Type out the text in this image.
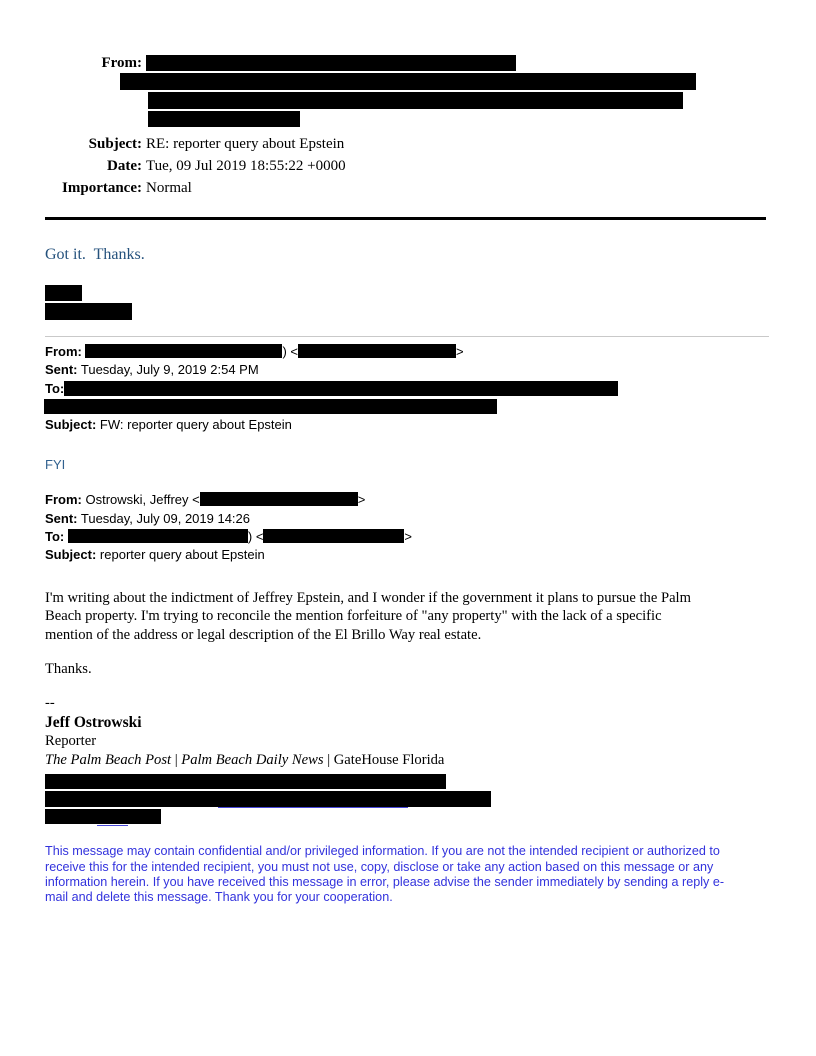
From:
Subject: RE: reporter query about Epstein
Date: Tue, 09 Jul 2019 18:55:22 +0000
Importance: Normal
Got it.  Thanks.
From:	) <	>
Sent: Tuesday, July 9, 2019 2:54 PM
To:
Subject: FW: reporter query about Epstein
FYI
From: Ostrowski, Jeffrey <	>
Sent: Tuesday, July 09, 2019 14:26
To:	) <	>
Subject: reporter query about Epstein
I'm writing about the indictment of Jeffrey Epstein, and I wonder if the government it plans to pursue the Palm
Beach property. I'm trying to reconcile the mention forfeiture of "any property" with the lack of a specific
mention of the address or legal description of the El Brillo Way real estate.
Thanks.
--
Jeff Ostrowski
Reporter
The Palm Beach Post | Palm Beach Daily News | GateHouse Florida
This message may contain confidential and/or privileged information. If you are not the intended recipient or authorized to
receive this for the intended recipient, you must not use, copy, disclose or take any action based on this message or any
information herein. If you have received this message in error, please advise the sender immediately by sending a reply e-
mail and delete this message. Thank you for your cooperation.
